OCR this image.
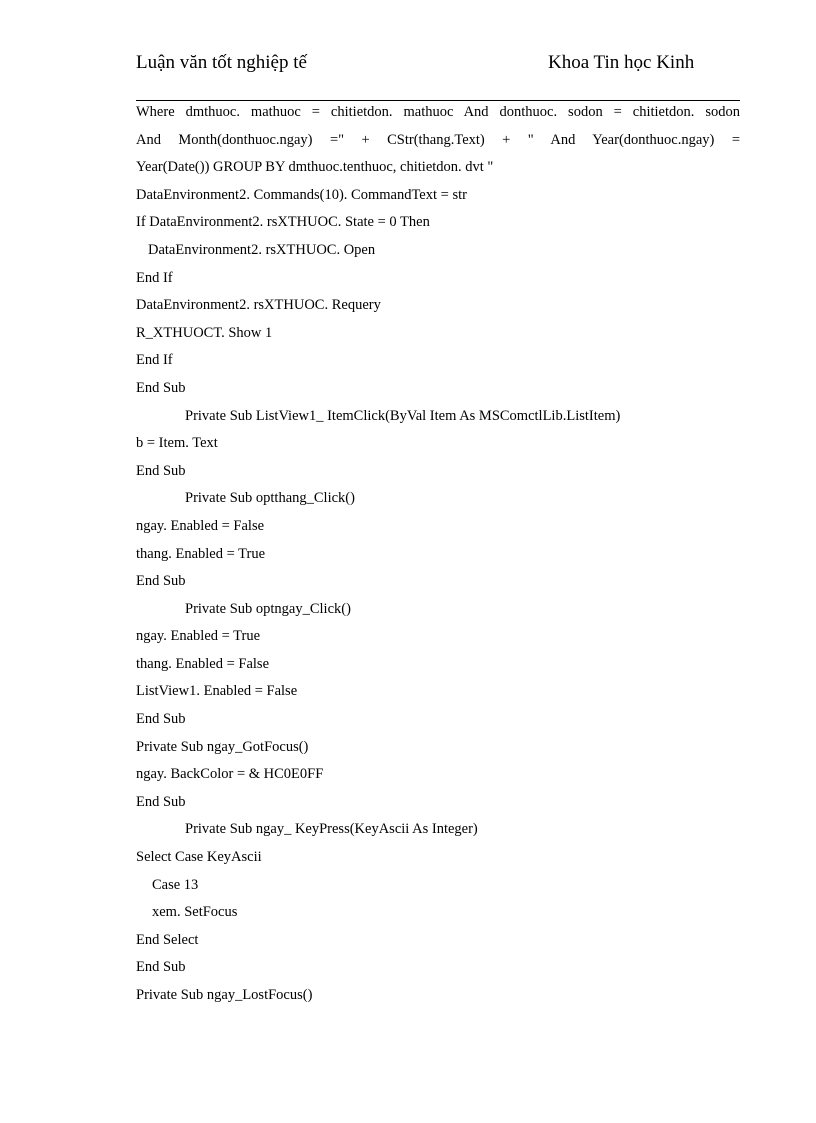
Luận văn tốt nghiệp tế	Khoa Tin học Kinh
Where dmthuoc. mathuoc = chitietdon. mathuoc And donthuoc. sodon = chitietdon. sodon
And Month(donthuoc.ngay) =" + CStr(thang.Text) + " And Year(donthuoc.ngay) =
Year(Date()) GROUP BY dmthuoc.tenthuoc, chitietdon. dvt "
DataEnvironment2. Commands(10). CommandText = str
If DataEnvironment2. rsXTHUOC. State = 0 Then
DataEnvironment2. rsXTHUOC. Open
End If
DataEnvironment2. rsXTHUOC. Requery
R_XTHUOCT. Show 1
End If
End Sub
Private Sub ListView1_ ItemClick(ByVal Item As MSComctlLib.ListItem)
b = Item. Text
End Sub
Private Sub optthang_Click()
ngay. Enabled = False
thang. Enabled = True
End Sub
Private Sub optngay_Click()
ngay. Enabled = True
thang. Enabled = False
ListView1. Enabled = False
End Sub
Private Sub ngay_GotFocus()
ngay. BackColor = & HC0E0FF
End Sub
Private Sub ngay_ KeyPress(KeyAscii As Integer)
Select Case KeyAscii
Case 13
xem. SetFocus
End Select
End Sub
Private Sub ngay_LostFocus()
